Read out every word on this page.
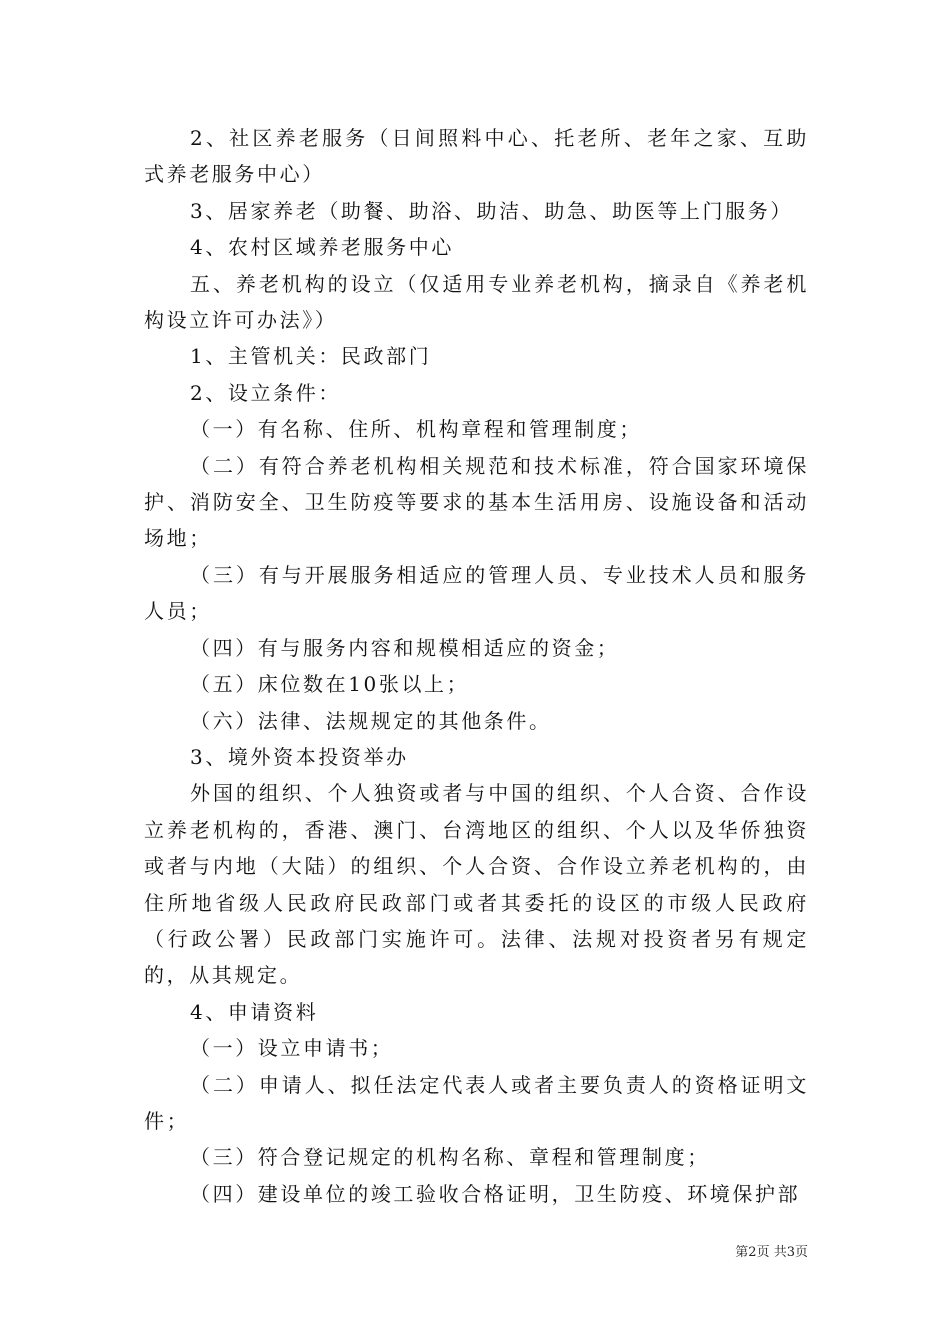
2、社区养老服务（日间照料中心、托老所、老年之家、互助式养老服务中心）

3、居家养老（助餐、助浴、助洁、助急、助医等上门服务）

4、农村区域养老服务中心

五、养老机构的设立（仅适用专业养老机构，摘录自《养老机构设立许可办法》）

1、主管机关：民政部门

2、设立条件：

（一）有名称、住所、机构章程和管理制度；

（二）有符合养老机构相关规范和技术标准，符合国家环境保护、消防安全、卫生防疫等要求的基本生活用房、设施设备和活动场地；

（三）有与开展服务相适应的管理人员、专业技术人员和服务人员；

（四）有与服务内容和规模相适应的资金；

（五）床位数在10张以上；

（六）法律、法规规定的其他条件。

3、境外资本投资举办

外国的组织、个人独资或者与中国的组织、个人合资、合作设立养老机构的，香港、澳门、台湾地区的组织、个人以及华侨独资或者与内地（大陆）的组织、个人合资、合作设立养老机构的，由住所地省级人民政府民政部门或者其委托的设区的市级人民政府（行政公署）民政部门实施许可。法律、法规对投资者另有规定的，从其规定。

4、申请资料

（一）设立申请书；

（二）申请人、拟任法定代表人或者主要负责人的资格证明文件；

（三）符合登记规定的机构名称、章程和管理制度；

（四）建设单位的竣工验收合格证明，卫生防疫、环境保护部

第2页 共3页
